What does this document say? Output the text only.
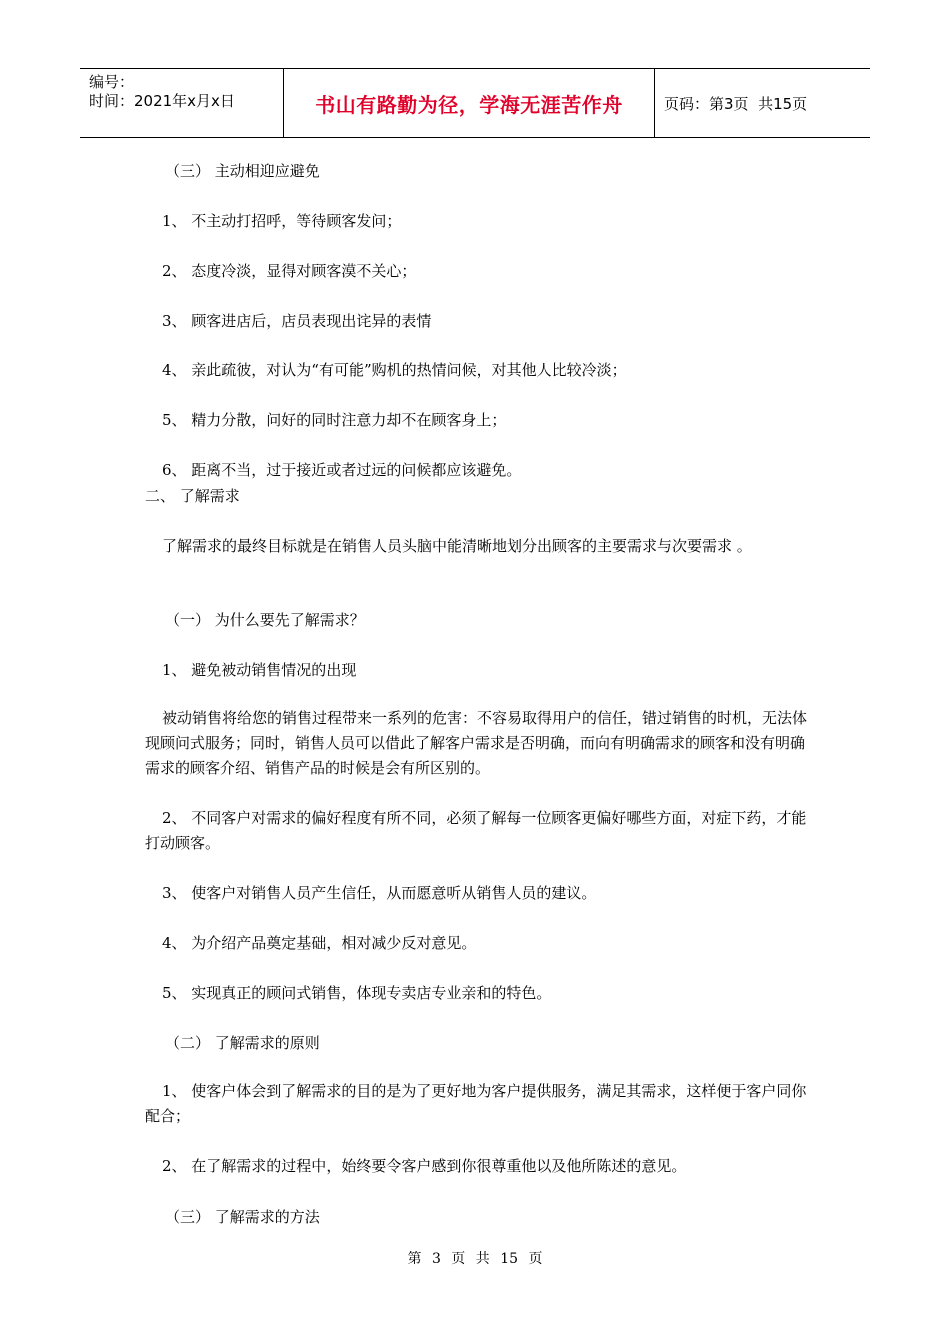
编号：
时间：2021年x月x日	书山有路勤为径，学海无涯苦作舟	页码：第3页  共15页
（三） 主动相迎应避免
1、 不主动打招呼，等待顾客发问；
2、 态度冷淡，显得对顾客漠不关心；
3、 顾客进店后，店员表现出诧异的表情
4、 亲此疏彼，对认为“有可能”购机的热情问候，对其他人比较冷淡；
5、 精力分散，问好的同时注意力却不在顾客身上；
6、 距离不当，过于接近或者过远的问候都应该避免。
二、 了解需求
了解需求的最终目标就是在销售人员头脑中能清晰地划分出顾客的主要需求与次要需求 。
（一） 为什么要先了解需求？
1、 避免被动销售情况的出现
被动销售将给您的销售过程带来一系列的危害：不容易取得用户的信任，错过销售的时机，无法体现顾问式服务；同时，销售人员可以借此了解客户需求是否明确，而向有明确需求的顾客和没有明确需求的顾客介绍、销售产品的时候是会有所区别的。
2、 不同客户对需求的偏好程度有所不同，必须了解每一位顾客更偏好哪些方面，对症下药，才能打动顾客。
3、 使客户对销售人员产生信任，从而愿意听从销售人员的建议。
4、 为介绍产品奠定基础，相对减少反对意见。
5、 实现真正的顾问式销售，体现专卖店专业亲和的特色。
（二） 了解需求的原则
1、 使客户体会到了解需求的目的是为了更好地为客户提供服务，满足其需求，这样便于客户同你配合；
2、 在了解需求的过程中，始终要令客户感到你很尊重他以及他所陈述的意见。
（三） 了解需求的方法
第 3 页 共 15 页
